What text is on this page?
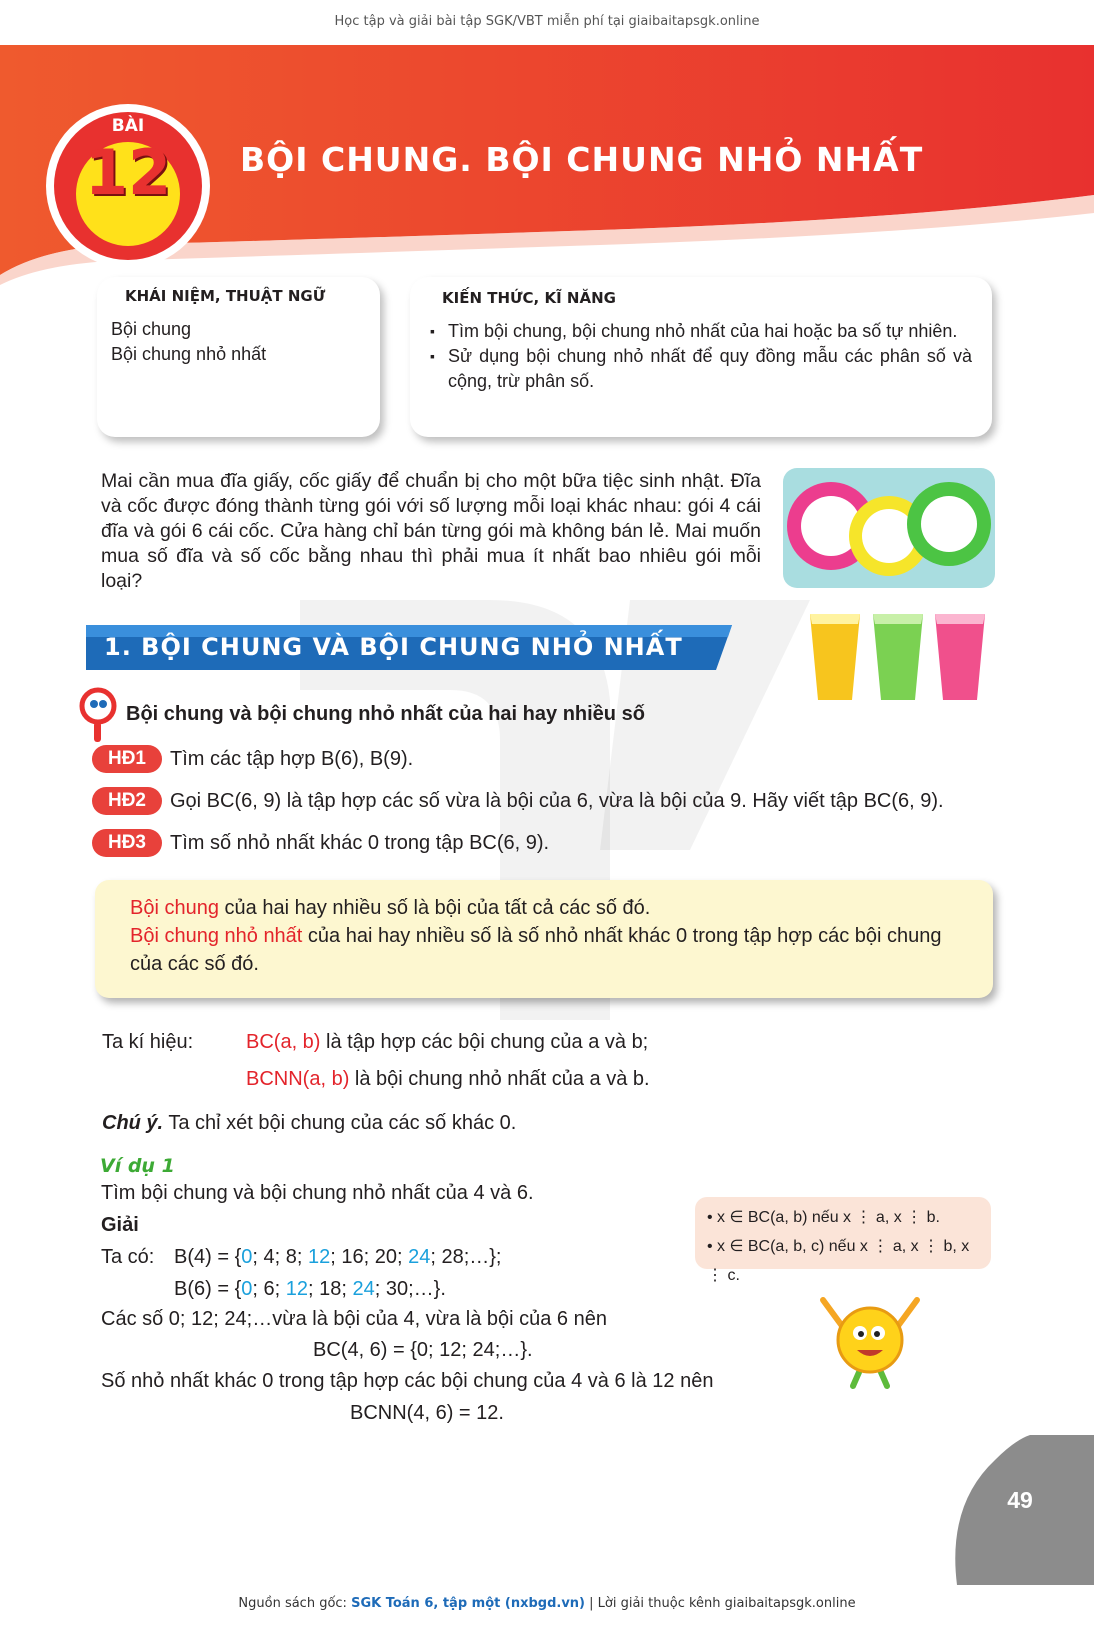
Học tập và giải bài tập SGK/VBT miễn phí tại giaibaitapsgk.online
BÀI
12	BỘI CHUNG. BỘI CHUNG NHỎ NHẤT
KHÁI NIỆM, THUẬT NGỮ

Bội chung

Bội chung nhỏ nhất

KIẾN THỨC, KĨ NĂNG
▪ Tìm bội chung, bội chung nhỏ nhất của hai hoặc ba số tự nhiên.
▪ Sử dụng bội chung nhỏ nhất để quy đồng mẫu các phân số và cộng, trừ phân số.
Mai cần mua đĩa giấy, cốc giấy để chuẩn bị cho một bữa tiệc sinh nhật. Đĩa và cốc được đóng thành từng gói với số lượng mỗi loại khác nhau: gói 4 cái đĩa và gói 6 cái cốc. Cửa hàng chỉ bán từng gói mà không bán lẻ. Mai muốn mua số đĩa và số cốc bằng nhau thì phải mua ít nhất bao nhiêu gói mỗi loại?
1. BỘI CHUNG VÀ BỘI CHUNG NHỎ NHẤT
Bội chung và bội chung nhỏ nhất của hai hay nhiều số
HĐ1	Tìm các tập hợp B(6), B(9).
HĐ2	Gọi BC(6, 9) là tập hợp các số vừa là bội của 6, vừa là bội của 9. Hãy viết tập BC(6, 9).
HĐ3	Tìm số nhỏ nhất khác 0 trong tập BC(6, 9).

Bội chung của hai hay nhiều số là bội của tất cả các số đó.

Bội chung nhỏ nhất của hai hay nhiều số là số nhỏ nhất khác 0 trong tập hợp các bội chung của các số đó.

Ta kí hiệu:	BC(a, b) là tập hợp các bội chung của a và b;
BCNN(a, b) là bội chung nhỏ nhất của a và b.
Chú ý. Ta chỉ xét bội chung của các số khác 0.
Ví dụ 1
Tìm bội chung và bội chung nhỏ nhất của 4 và 6.
Giải
Ta có: B(4) = {0; 4; 8; 12; 16; 20; 24; 28;…};
B(6) = {0; 6; 12; 18; 24; 30;…}.
Các số 0; 12; 24;…vừa là bội của 4, vừa là bội của 6 nên
BC(4, 6) = {0; 12; 24;…}.
Số nhỏ nhất khác 0 trong tập hợp các bội chung của 4 và 6 là 12 nên
BCNN(4, 6) = 12.
• x ∈ BC(a, b) nếu x ⋮ a, x ⋮ b.
• x ∈ BC(a, b, c) nếu x ⋮ a, x ⋮ b, x ⋮ c.
49
Nguồn sách gốc: SGK Toán 6, tập một (nxbgd.vn) | Lời giải thuộc kênh giaibaitapsgk.online
